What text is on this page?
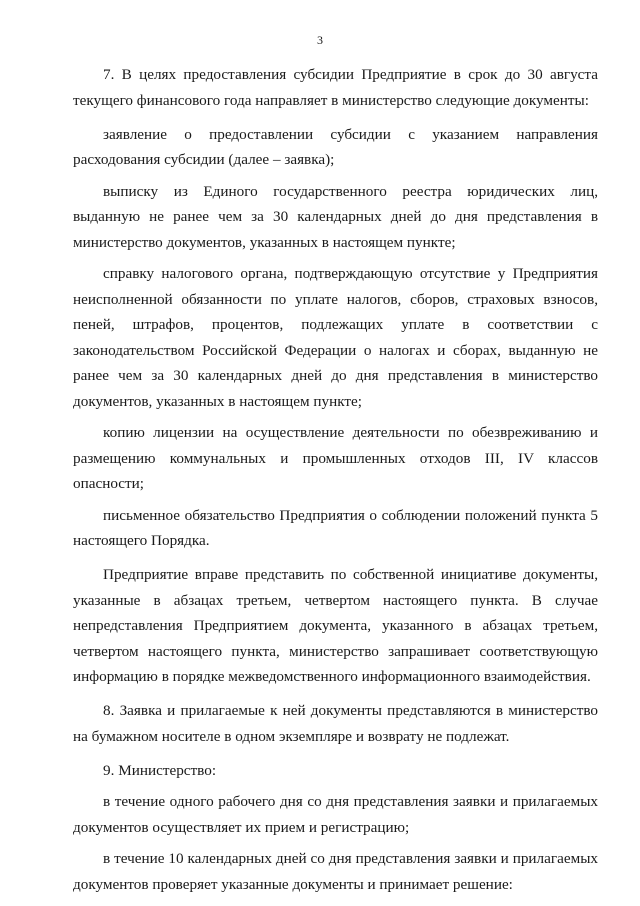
3

7. В целях предоставления субсидии Предприятие в срок до 30 августа текущего финансового года направляет в министерство следующие документы:

заявление о предоставлении субсидии с указанием направления расходования субсидии (далее – заявка);

выписку из Единого государственного реестра юридических лиц, выданную не ранее чем за 30 календарных дней до дня представления в министерство документов, указанных в настоящем пункте;

справку налогового органа, подтверждающую отсутствие у Предприятия неисполненной обязанности по уплате налогов, сборов, страховых взносов, пеней, штрафов, процентов, подлежащих уплате в соответствии с законодательством Российской Федерации о налогах и сборах, выданную не ранее чем за 30 календарных дней до дня представления в министерство документов, указанных в настоящем пункте;

копию лицензии на осуществление деятельности по обезвреживанию и размещению коммунальных и промышленных отходов III, IV классов опасности;

письменное обязательство Предприятия о соблюдении положений пункта 5 настоящего Порядка.

Предприятие вправе представить по собственной инициативе документы, указанные в абзацах третьем, четвертом настоящего пункта. В случае непредставления Предприятием документа, указанного в абзацах третьем, четвертом настоящего пункта, министерство запрашивает соответствующую информацию в порядке межведомственного информационного взаимодействия.

8. Заявка и прилагаемые к ней документы представляются в министерство на бумажном носителе в одном экземпляре и возврату не подлежат.

9. Министерство:

в течение одного рабочего дня со дня представления заявки и прилагаемых документов осуществляет их прием и регистрацию;

в течение 10 календарных дней со дня представления заявки и прилагаемых документов проверяет указанные документы и принимает решение:
